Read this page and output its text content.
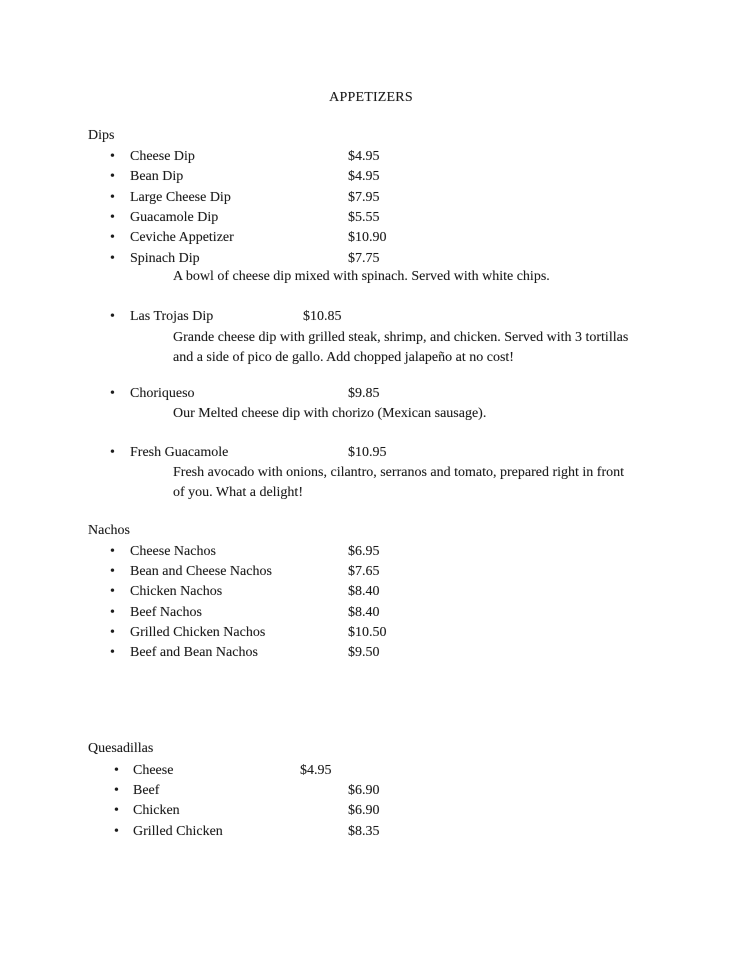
APPETIZERS
Dips
• Cheese Dip	$4.95
• Bean Dip	$4.95
• Large Cheese Dip	$7.95
• Guacamole Dip	$5.55
• Ceviche Appetizer	$10.90
• Spinach Dip	$7.75
A bowl of cheese dip mixed with spinach. Served with white chips.
• Las Trojas Dip	$10.85
Grande cheese dip with grilled steak, shrimp, and chicken. Served with 3 tortillas
and a side of pico de gallo. Add chopped jalapeño at no cost!
• Choriqueso	$9.85
Our Melted cheese dip with chorizo (Mexican sausage).
• Fresh Guacamole	$10.95
Fresh avocado with onions, cilantro, serranos and tomato, prepared right in front
of you. What a delight!
Nachos
• Cheese Nachos	$6.95
• Bean and Cheese Nachos	$7.65
• Chicken Nachos	$8.40
• Beef Nachos	$8.40
• Grilled Chicken Nachos	$10.50
• Beef and Bean Nachos	$9.50
Quesadillas
• Cheese	$4.95
• Beef	$6.90
• Chicken	$6.90
• Grilled Chicken	$8.35
